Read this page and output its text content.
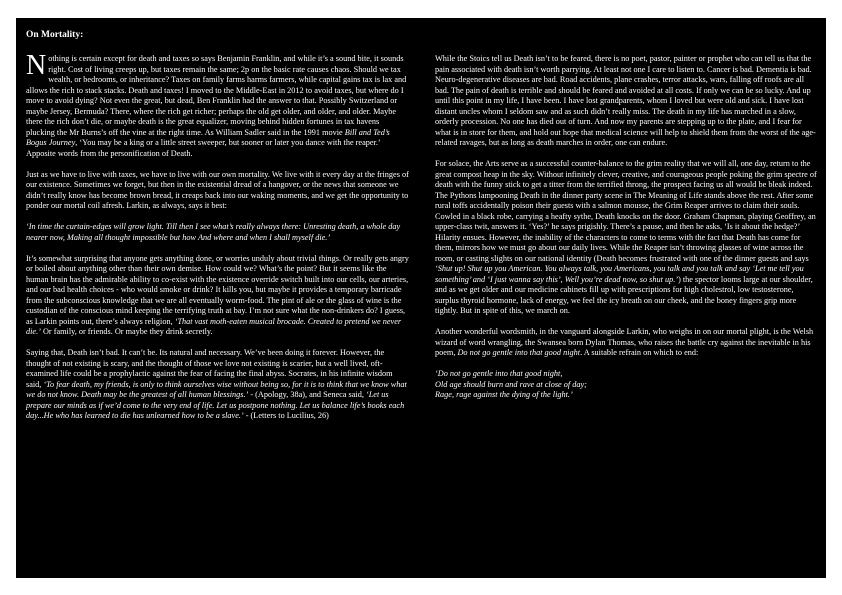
On Mortality:

Nothing is certain except for death and taxes so says Benjamin Franklin, and while it’s a sound bite, it sounds right. Cost of living creeps up, but taxes remain the same; 2p on the basic rate causes chaos. Should we tax wealth, or bedrooms, or inheritance? Taxes on family farms harms farmers, while capital gains tax is lax and allows the rich to stack stacks. Death and taxes! I moved to the Middle-East in 2012 to avoid taxes, but where do I move to avoid dying? Not even the great, but dead, Ben Franklin had the answer to that. Possibly Switzerland or maybe Jersey, Bermuda? There, where the rich get richer; perhaps the old get older, and older, and older. Maybe there the rich don’t die, or maybe death is the great equalizer, moving behind hidden fortunes in tax havens plucking the Mr Burns’s off the vine at the right time. As William Sadler said in the 1991 movie Bill and Ted’s Bogus Journey, ‘You may be a king or a little street sweeper, but sooner or later you dance with the reaper.’ Apposite words from the personification of Death.

Just as we have to live with taxes, we have to live with our own mortality. We live with it every day at the fringes of our existence. Sometimes we forget, but then in the existential dread of a hangover, or the news that someone we didn’t really know has become brown bread, it creaps back into our waking moments, and we get the opportunity to ponder our mortal coil afresh. Larkin, as always, says it best:

‘In time the curtain-edges will grow light. Till then I see what’s really always there: Unresting death, a whole day nearer now, Making all thought impossible but how And where and when I shall myself die.’

It’s somewhat surprising that anyone gets anything done, or worries unduly about trivial things. Or really gets angry or boiled about anything other than their own demise. How could we? What’s the point? But it seems like the human brain has the admirable ability to co-exist with the existence override switch built into our cells, our arteries, and our bad health choices - who would smoke or drink? It kills you, but maybe it provides a temporary barricade from the subconscious knowledge that we are all eventually worm-food. The pint of ale or the glass of wine is the custodian of the conscious mind keeping the terrifying truth at bay. I’m not sure what the non-drinkers do? I guess, as Larkin points out, there’s always religion, ‘That vast moth-eaten musical brocade. Created to pretend we never die.’ Or family, or friends. Or maybe they drink secretly.

Saying that, Death isn’t bad. It can’t be. Its natural and necessary. We’ve been doing it forever. However, the thought of not existing is scary, and the thought of those we love not existing is scarier, but a well lived, oft-examined life could be a prophylactic against the fear of facing the final abyss. Socrates, in his infinite wisdom said, ‘To fear death, my friends, is only to think ourselves wise without being so, for it is to think that we know what we do not know. Death may be the greatest of all human blessings.’ - (Apology, 38a), and Seneca said, ‘Let us prepare our minds as if we’d come to the very end of life. Let us postpone nothing. Let us balance life’s books each day...He who has learned to die has unlearned how to be a slave.’ - (Letters to Lucilius, 26)

While the Stoics tell us Death isn’t to be feared, there is no poet, pastor, painter or prophet who can tell us that the pain associated with death isn’t worth parrying. At least not one I care to listen to. Cancer is bad. Dementia is bad. Neuro-degenerative diseases are bad. Road accidents, plane crashes, terror attacks, wars, falling off roofs are all bad. The pain of death is terrible and should be feared and avoided at all costs. If only we can be so lucky. And up until this point in my life, I have been. I have lost grandparents, whom I loved but were old and sick. I have lost distant uncles whom I seldom saw and as such didn’t really miss. The death in my life has marched in a slow, orderly procession. No one has died out of turn. And now my parents are stepping up to the plate, and I fear for what is in store for them, and hold out hope that medical science will help to shield them from the worst of the age-related ravages, but as long as death marches in order, one can endure.

For solace, the Arts serve as a successful counter-balance to the grim reality that we will all, one day, return to the great compost heap in the sky. Without infinitely clever, creative, and courageous people poking the grim spectre of death with the funny stick to get a titter from the terrified throng, the prospect facing us all would be bleak indeed. The Pythons lampooning Death in the dinner party scene in The Meaning of Life stands above the rest. After some rural toffs accidentally poison their guests with a salmon mousse, the Grim Reaper arrives to claim their souls. Cowled in a black robe, carrying a heafty sythe, Death knocks on the door. Graham Chapman, playing Geoffrey, an upper-class twit, answers it. ‘Yes?’ he says prigishly. There’s a pause, and then he asks, ‘Is it about the hedge?’ Hilarity ensues. However, the inability of the characters to come to terms with the fact that Death has come for them, mirrors how we must go about our daily lives. While the Reaper isn’t throwing glasses of wine across the room, or casting slights on our national identity (Death becomes frustrated with one of the dinner guests and says ‘Shut up! Shut up you American. You always talk, you Americans, you talk and you talk and say ‘Let me tell you something’ and ‘I just wanna say this’, Well you’re dead now, so shut up.’) the spector looms large at our shoulder, and as we get older and our medicine cabinets fill up with prescriptions for high cholestrol, low testosterone, surplus thyroid hormone, lack of energy, we feel the icy breath on our cheek, and the boney fingers grip more tightly. But in spite of this, we march on.

Another wonderful wordsmith, in the vanguard alongside Larkin, who weighs in on our mortal plight, is the Welsh wizard of word wrangling, the Swansea born Dylan Thomas, who raises the battle cry against the inevitable in his poem, Do not go gentle into that good night. A suitable refrain on which to end:

‘Do not go gentle into that good night,
Old age should burn and rave at close of day;
Rage, rage against the dying of the light.’
